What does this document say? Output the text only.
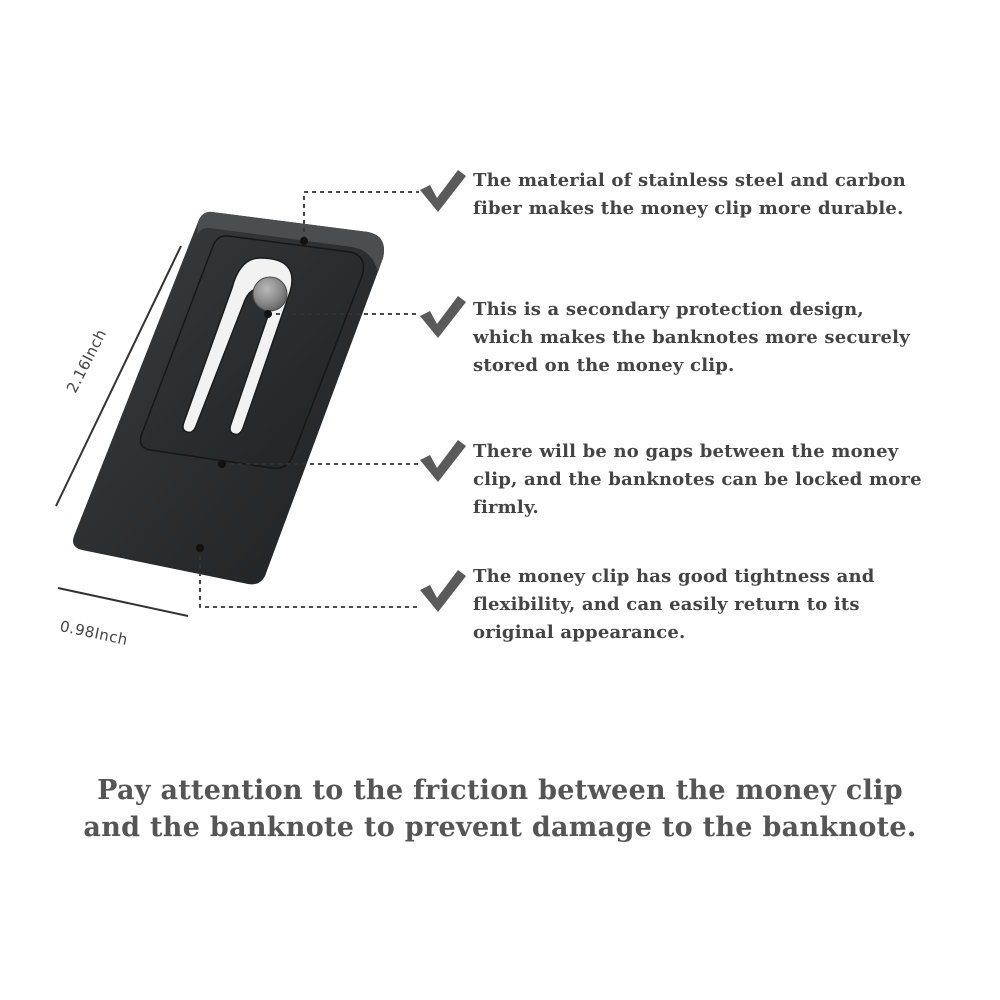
2.16Inch
0.98Inch

The material of stainless steel and carbon
fiber makes the money clip more durable.

This is a secondary protection design,
which makes the banknotes more securely
stored on the money clip.

There will be no gaps between the money
clip, and the banknotes can be locked more
firmly.

The money clip has good tightness and
flexibility, and can easily return to its
original appearance.

Pay attention to the friction between the money clip
and the banknote to prevent damage to the banknote.
